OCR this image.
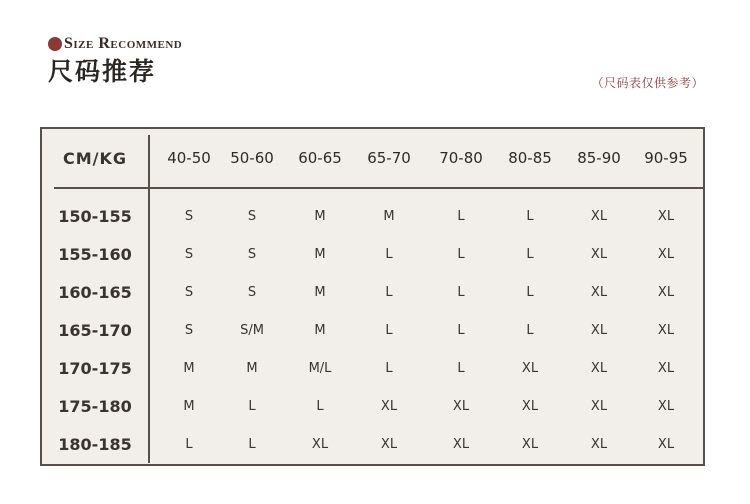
Size Recommend
尺码推荐	（尺码表仅供参考）
CM/KG	40-50	50-60	60-65	65-70	70-80	80-85	85-90	90-95
150-155	S	S	M	M	L	L	XL	XL
155-160	S	S	M	L	L	L	XL	XL
160-165	S	S	M	L	L	L	XL	XL
165-170	S	S/M	M	L	L	L	XL	XL
170-175	M	M	M/L	L	L	XL	XL	XL
175-180	M	L	L	XL	XL	XL	XL	XL
180-185	L	L	XL	XL	XL	XL	XL	XL
